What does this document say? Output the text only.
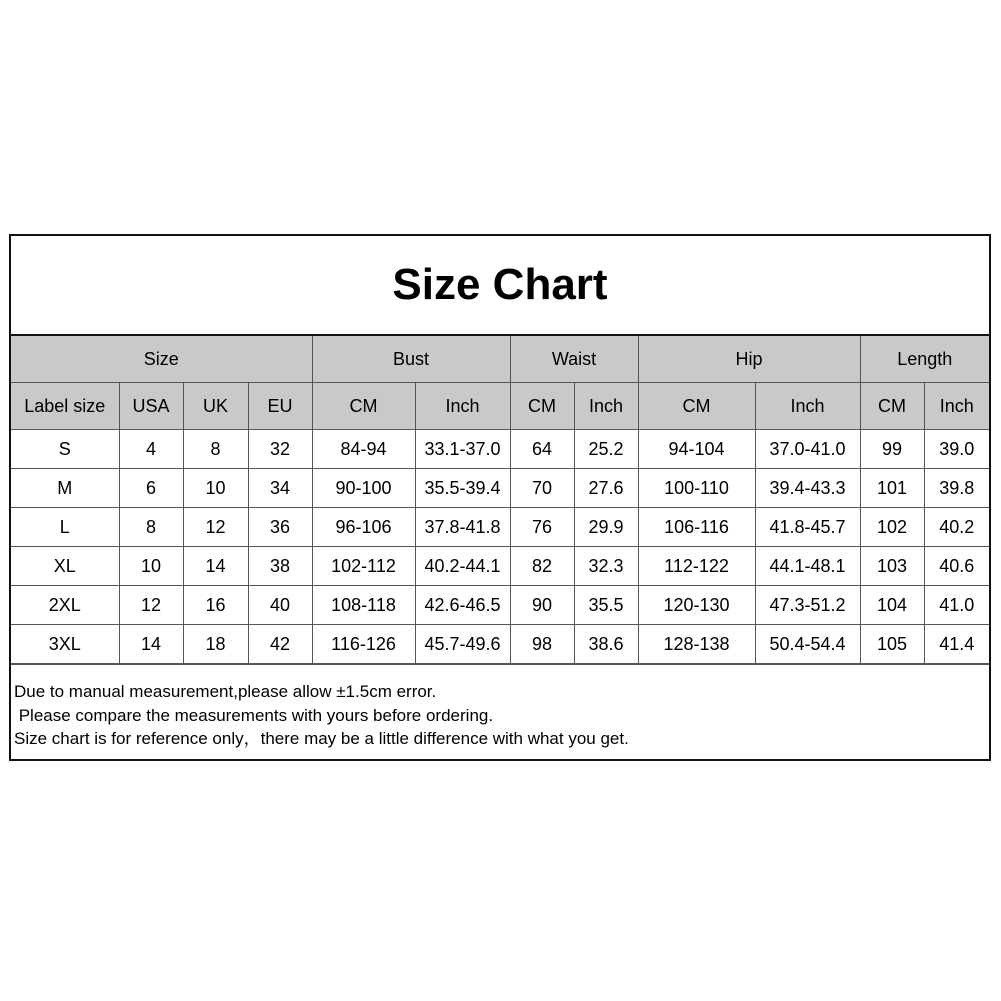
Size Chart
Size				Bust		Waist		Hip		Length	
Label size	USA	UK	EU	CM	Inch	CM	Inch	CM	Inch	CM	Inch
S	4	8	32	84-94	33.1-37.0	64	25.2	94-104	37.0-41.0	99	39.0
M	6	10	34	90-100	35.5-39.4	70	27.6	100-110	39.4-43.3	101	39.8
L	8	12	36	96-106	37.8-41.8	76	29.9	106-116	41.8-45.7	102	40.2
XL	10	14	38	102-112	40.2-44.1	82	32.3	112-122	44.1-48.1	103	40.6
2XL	12	16	40	108-118	42.6-46.5	90	35.5	120-130	47.3-51.2	104	41.0
3XL	14	18	42	116-126	45.7-49.6	98	38.6	128-138	50.4-54.4	105	41.4
Due to manual measurement,please allow ±1.5cm error.
Please compare the measurements with yours before ordering.
Size chart is for reference only，there may be a little difference with what you get.
